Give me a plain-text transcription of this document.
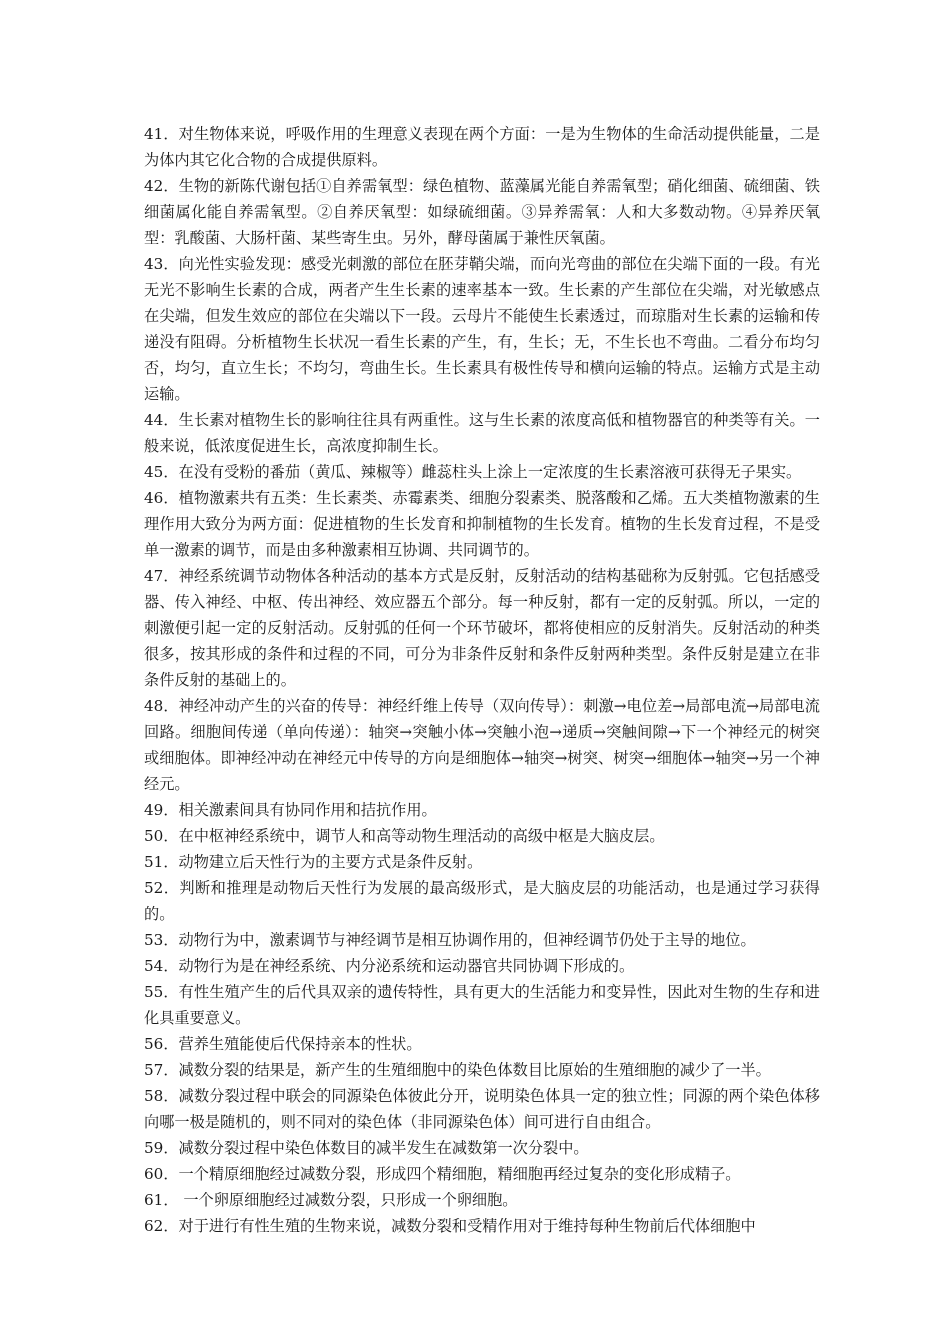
41．对生物体来说，呼吸作用的生理意义表现在两个方面：一是为生物体的生命活动提供能量，二是为体内其它化合物的合成提供原料。

42．生物的新陈代谢包括①自养需氧型：绿色植物、蓝藻属光能自养需氧型；硝化细菌、硫细菌、铁细菌属化能自养需氧型。②自养厌氧型：如绿硫细菌。③异养需氧：人和大多数动物。④异养厌氧型：乳酸菌、大肠杆菌、某些寄生虫。另外，酵母菌属于兼性厌氧菌。

43．向光性实验发现：感受光刺激的部位在胚芽鞘尖端，而向光弯曲的部位在尖端下面的一段。有光无光不影响生长素的合成，两者产生生长素的速率基本一致。生长素的产生部位在尖端，对光敏感点在尖端，但发生效应的部位在尖端以下一段。云母片不能使生长素透过，而琼脂对生长素的运输和传递没有阻碍。分析植物生长状况一看生长素的产生，有，生长；无，不生长也不弯曲。二看分布均匀否，均匀，直立生长；不均匀，弯曲生长。生长素具有极性传导和横向运输的特点。运输方式是主动运输。

44．生长素对植物生长的影响往往具有两重性。这与生长素的浓度高低和植物器官的种类等有关。一般来说，低浓度促进生长，高浓度抑制生长。

45．在没有受粉的番茄（黄瓜、辣椒等）雌蕊柱头上涂上一定浓度的生长素溶液可获得无子果实。

46．植物激素共有五类：生长素类、赤霉素类、细胞分裂素类、脱落酸和乙烯。五大类植物激素的生理作用大致分为两方面：促进植物的生长发育和抑制植物的生长发育。植物的生长发育过程，不是受单一激素的调节，而是由多种激素相互协调、共同调节的。

47．神经系统调节动物体各种活动的基本方式是反射，反射活动的结构基础称为反射弧。它包括感受器、传入神经、中枢、传出神经、效应器五个部分。每一种反射，都有一定的反射弧。所以，一定的刺激便引起一定的反射活动。反射弧的任何一个环节破坏，都将使相应的反射消失。反射活动的种类很多，按其形成的条件和过程的不同，可分为非条件反射和条件反射两种类型。条件反射是建立在非条件反射的基础上的。

48．神经冲动产生的兴奋的传导：神经纤维上传导（双向传导）：刺激→电位差→局部电流→局部电流回路。细胞间传递（单向传递）：轴突→突触小体→突触小泡→递质→突触间隙→下一个神经元的树突或细胞体。即神经冲动在神经元中传导的方向是细胞体→轴突→树突、树突→细胞体→轴突→另一个神经元。

49．相关激素间具有协同作用和拮抗作用。

50．在中枢神经系统中，调节人和高等动物生理活动的高级中枢是大脑皮层。

51．动物建立后天性行为的主要方式是条件反射。

52．判断和推理是动物后天性行为发展的最高级形式，是大脑皮层的功能活动，也是通过学习获得的。

53．动物行为中，激素调节与神经调节是相互协调作用的，但神经调节仍处于主导的地位。

54．动物行为是在神经系统、内分泌系统和运动器官共同协调下形成的。

55．有性生殖产生的后代具双亲的遗传特性，具有更大的生活能力和变异性，因此对生物的生存和进化具重要意义。

56．营养生殖能使后代保持亲本的性状。

57．减数分裂的结果是，新产生的生殖细胞中的染色体数目比原始的生殖细胞的减少了一半。

58．减数分裂过程中联会的同源染色体彼此分开，说明染色体具一定的独立性；同源的两个染色体移向哪一极是随机的，则不同对的染色体（非同源染色体）间可进行自由组合。

59．减数分裂过程中染色体数目的减半发生在减数第一次分裂中。

60．一个精原细胞经过减数分裂，形成四个精细胞，精细胞再经过复杂的变化形成精子。

61． 一个卵原细胞经过减数分裂，只形成一个卵细胞。

62．对于进行有性生殖的生物来说，减数分裂和受精作用对于维持每种生物前后代体细胞中
